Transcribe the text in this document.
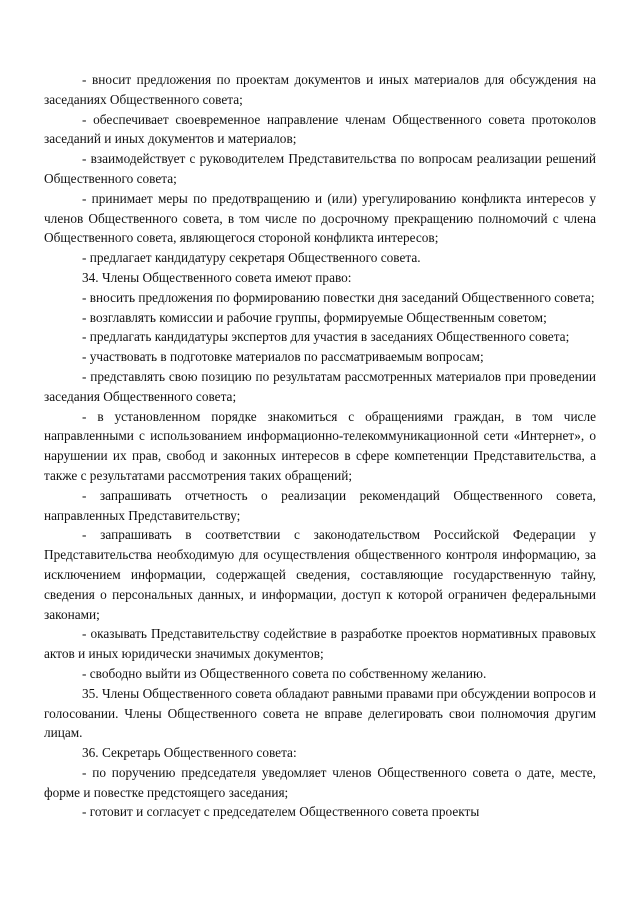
- вносит предложения по проектам документов и иных материалов для обсуждения на заседаниях Общественного совета;

- обеспечивает своевременное направление членам Общественного совета протоколов заседаний и иных документов и материалов;

- взаимодействует с руководителем Представительства по вопросам реализации решений Общественного совета;

- принимает меры по предотвращению и (или) урегулированию конфликта интересов у членов Общественного совета, в том числе по досрочному прекращению полномочий с члена Общественного совета, являющегося стороной конфликта интересов;

- предлагает кандидатуру секретаря Общественного совета.

34. Члены Общественного совета имеют право:

- вносить предложения по формированию повестки дня заседаний Общественного совета;

- возглавлять комиссии и рабочие группы, формируемые Общественным советом;

- предлагать кандидатуры экспертов для участия в заседаниях Общественного совета;

- участвовать в подготовке материалов по рассматриваемым вопросам;

- представлять свою позицию по результатам рассмотренных материалов при проведении заседания Общественного совета;

- в установленном порядке знакомиться с обращениями граждан, в том числе направленными с использованием информационно-телекоммуникационной сети «Интернет», о нарушении их прав, свобод и законных интересов в сфере компетенции Представительства, а также с результатами рассмотрения таких обращений;

- запрашивать отчетность о реализации рекомендаций Общественного совета, направленных Представительству;

- запрашивать в соответствии с законодательством Российской Федерации у Представительства необходимую для осуществления общественного контроля информацию, за исключением информации, содержащей сведения, составляющие государственную тайну, сведения о персональных данных, и информации, доступ к которой ограничен федеральными законами;

- оказывать Представительству содействие в разработке проектов нормативных правовых актов и иных юридически значимых документов;

- свободно выйти из Общественного совета по собственному желанию.

35. Члены Общественного совета обладают равными правами при обсуждении вопросов и голосовании. Члены Общественного совета не вправе делегировать свои полномочия другим лицам.

36. Секретарь Общественного совета:

- по поручению председателя уведомляет членов Общественного совета о дате, месте, форме и повестке предстоящего заседания;

- готовит и согласует с председателем Общественного совета проекты
